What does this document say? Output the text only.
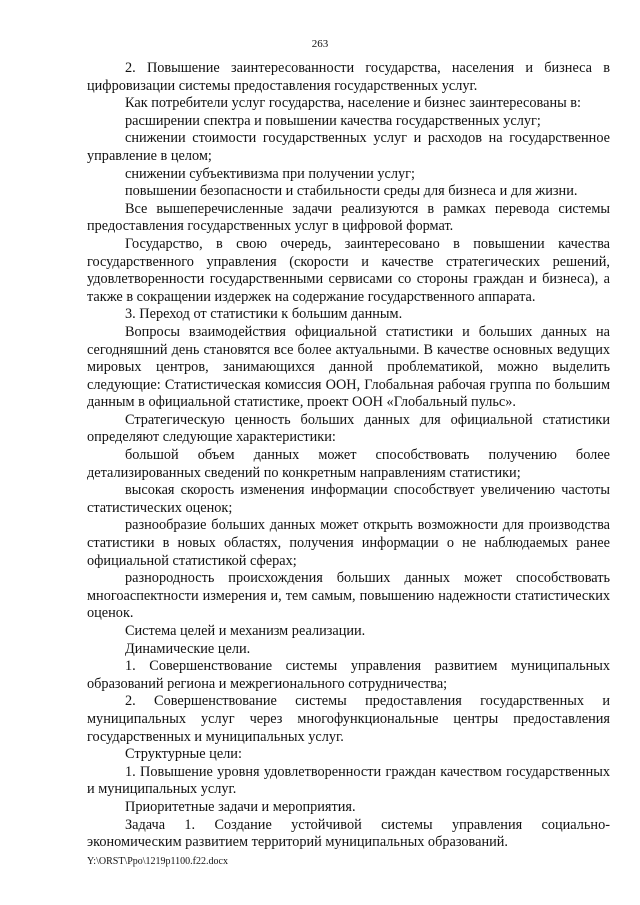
263

2. Повышение заинтересованности государства, населения и бизнеса в цифровизации системы предоставления государственных услуг.

Как потребители услуг государства, население и бизнес заинтересованы в:

расширении спектра и повышении качества государственных услуг;

снижении стоимости государственных услуг и расходов на государственное управление в целом;

снижении субъективизма при получении услуг;

повышении безопасности и стабильности среды для бизнеса и для жизни.

Все вышеперечисленные задачи реализуются в рамках перевода системы предоставления государственных услуг в цифровой формат.

Государство, в свою очередь, заинтересовано в повышении качества государственного управления (скорости и качестве стратегических решений, удовлетворенности государственными сервисами со стороны граждан и бизнеса), а также в сокращении издержек на содержание государственного аппарата.

3. Переход от статистики к большим данным.

Вопросы взаимодействия официальной статистики и больших данных на сегодняшний день становятся все более актуальными. В качестве основных ведущих мировых центров, занимающихся данной проблематикой, можно выделить следующие: Статистическая комиссия ООН, Глобальная рабочая группа по большим данным в официальной статистике, проект ООН «Глобальный пульс».

Стратегическую ценность больших данных для официальной статистики определяют следующие характеристики:

большой объем данных может способствовать получению более детализированных сведений по конкретным направлениям статистики;

высокая скорость изменения информации способствует увеличению частоты статистических оценок;

разнообразие больших данных может открыть возможности для производства статистики в новых областях, получения информации о не наблюдаемых ранее официальной статистикой сферах;

разнородность происхождения больших данных может способствовать многоаспектности измерения и, тем самым, повышению надежности статистических оценок.

Система целей и механизм реализации.

Динамические цели.

1. Совершенствование системы управления развитием муниципальных образований региона и межрегионального сотрудничества;

2. Совершенствование системы предоставления государственных и муниципальных услуг через многофункциональные центры предоставления государственных и муниципальных услуг.

Структурные цели:

1. Повышение уровня удовлетворенности граждан качеством государственных и муниципальных услуг.

Приоритетные задачи и мероприятия.

Задача 1. Создание устойчивой системы управления социально-экономическим развитием территорий муниципальных образований.

Y:\ORST\Ppo\1219p1100.f22.docx
